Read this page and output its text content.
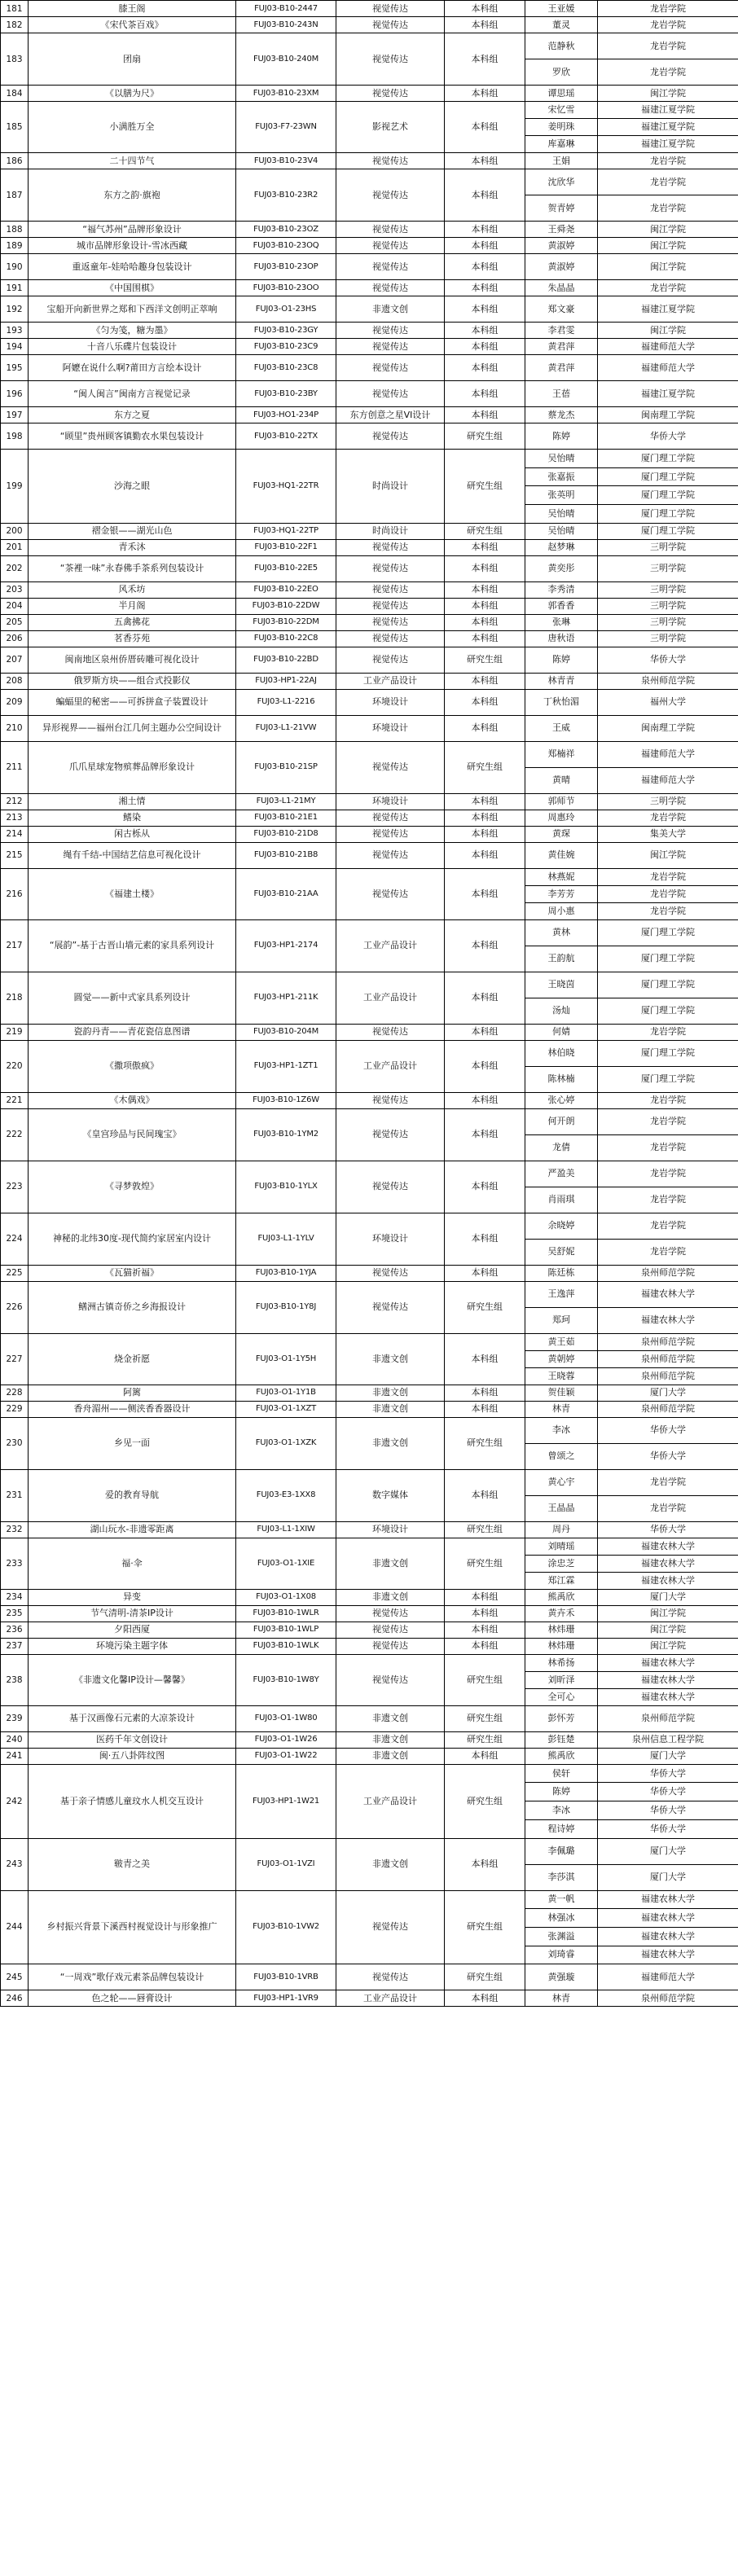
181	膝王阁	FUJ03-B10-2447	视觉传达	本科组	王亚媛	龙岩学院
182	《宋代茶百戏》	FUJ03-B10-243N	视觉传达	本科组	董灵	龙岩学院
183	团扇	FUJ03-B10-240M	视觉传达	本科组	范静秋	龙岩学院
					罗欣	龙岩学院
184	《以膳为尺》	FUJ03-B10-23XM	视觉传达	本科组	谭思瑶	闽江学院
185	小满胜万全	FUJ03-F7-23WN	影视艺术	本科组	宋忆雪	福建江夏学院
					姜明珠	福建江夏学院
					库嘉琳	福建江夏学院
186	二十四节气	FUJ03-B10-23V4	视觉传达	本科组	王娟	龙岩学院
187	东方之韵·旗袍	FUJ03-B10-23R2	视觉传达	本科组	沈欣华	龙岩学院
					贺青婷	龙岩学院
188	“福气苏州”品牌形象设计	FUJ03-B10-23OZ	视觉传达	本科组	王舜尧	闽江学院
189	城市品牌形象设计-雪冰西藏	FUJ03-B10-23OQ	视觉传达	本科组	黄淑婷	闽江学院
190	重返童年-娃哈哈趣身包装设计	FUJ03-B10-23OP	视觉传达	本科组	黄淑婷	闽江学院
191	《中国围棋》	FUJ03-B10-23OO	视觉传达	本科组	朱晶晶	龙岩学院
192	宝船开向新世界之郑和下西洋文创明正萃响	FUJ03-O1-23HS	非遗文创	本科组	郑文豪	福建江夏学院
193	《匀为笺，糖为墨》	FUJ03-B10-23GY	视觉传达	本科组	李君雯	闽江学院
194	十音八乐碟片包装设计	FUJ03-B10-23C9	视觉传达	本科组	黄君萍	福建师范大学
195	阿嬷在说什么啊?莆田方言绘本设计	FUJ03-B10-23C8	视觉传达	本科组	黄君萍	福建师范大学
196	“闽人闽言”闽南方言视觉记录	FUJ03-B10-23BY	视觉传达	本科组	王蓓	福建江夏学院
197	东方之夏	FUJ03-HO1-234P	东方创意之星VI设计	本科组	蔡龙杰	闽南理工学院
198	“顾里”贵州顾客镇勤农水果包装设计	FUJ03-B10-22TX	视觉传达	研究生组	陈婷	华侨大学
199	沙海之眼	FUJ03-HQ1-22TR	时尚设计	研究生组	吴怡晴	厦门理工学院
					张嘉振	厦门理工学院
					张英明	厦门理工学院
					吴怡晴	厦门理工学院
200	褶金银——湖光山色	FUJ03-HQ1-22TP	时尚设计	研究生组	吴怡晴	厦门理工学院
201	青禾沐	FUJ03-B10-22F1	视觉传达	本科组	赵梦琳	三明学院
202	“茶裡一味”永春佛手茶系列包装设计	FUJ03-B10-22E5	视觉传达	本科组	黄奕彤	三明学院
203	风禾坊	FUJ03-B10-22EO	视觉传达	本科组	李秀清	三明学院
204	半月阁	FUJ03-B10-22DW	视觉传达	本科组	郭香香	三明学院
205	五禽拂花	FUJ03-B10-22DM	视觉传达	本科组	张琳	三明学院
206	茗香芬苑	FUJ03-B10-22C8	视觉传达	本科组	唐秋语	三明学院
207	闽南地区泉州侨厝砖雕可视化设计	FUJ03-B10-22BD	视觉传达	研究生组	陈婷	华侨大学
208	俄罗斯方块——组合式投影仪	FUJ03-HP1-22AJ	工业产品设计	本科组	林青青	泉州师范学院
209	蝙蝠里的秘密——可拆拼盒子装置设计	FUJ03-L1-2216	环境设计	本科组	丁秋怡湄	福州大学
210	异形视界——福州台江几何主题办公空间设计	FUJ03-L1-21VW	环境设计	本科组	王威	闽南理工学院
211	爪爪星球宠物殡葬品牌形象设计	FUJ03-B10-21SP	视觉传达	研究生组	郑楠祥	福建师范大学
					黄晴	福建师范大学
212	湘土情	FUJ03-L1-21MY	环境设计	本科组	郭师节	三明学院
213	鳍染	FUJ03-B10-21E1	视觉传达	本科组	周惠玲	龙岩学院
214	闲古栎从	FUJ03-B10-21D8	视觉传达	本科组	黄琛	集美大学
215	绳有千结-中国结艺信息可视化设计	FUJ03-B10-21B8	视觉传达	本科组	黄佳婉	闽江学院
216	《福建土楼》	FUJ03-B10-21AA	视觉传达	本科组	林燕妮	龙岩学院
					李芳芳	龙岩学院
					周小惠	龙岩学院
217	“展韵”-基于古晋山墙元素的家具系列设计	FUJ03-HP1-2174	工业产品设计	本科组	黄林	厦门理工学院
					王韵航	厦门理工学院
218	圆觉——新中式家具系列设计	FUJ03-HP1-211K	工业产品设计	本科组	王晓茵	厦门理工学院
					汤灿	厦门理工学院
219	瓷韵丹青——青花瓷信息图谱	FUJ03-B10-204M	视觉传达	本科组	何婧	龙岩学院
220	《撒项傲疯》	FUJ03-HP1-1ZT1	工业产品设计	本科组	林伯晓	厦门理工学院
					陈林楠	厦门理工学院
221	《木偶戏》	FUJ03-B10-1Z6W	视觉传达	本科组	张心婷	龙岩学院
222	《皇宫珍品与民间瑰宝》	FUJ03-B10-1YM2	视觉传达	本科组	何开朗	龙岩学院
					龙倩	龙岩学院
223	《寻梦敦煌》	FUJ03-B10-1YLX	视觉传达	本科组	严盈美	龙岩学院
					肖雨琪	龙岩学院
224	神秘的北纬30度-现代简约家居室内设计	FUJ03-L1-1YLV	环境设计	本科组	余晓婷	龙岩学院
					吴舒妮	龙岩学院
225	《瓦猫祈福》	FUJ03-B10-1YJA	视觉传达	本科组	陈廷栋	泉州师范学院
226	鳝洲古镇奇侨之乡海报设计	FUJ03-B10-1Y8J	视觉传达	研究生组	王逸萍	福建农林大学
					郑珂	福建农林大学
227	烧金祈愿	FUJ03-O1-1Y5H	非遗文创	本科组	黄王茹	泉州师范学院
					黄朝婷	泉州师范学院
					王晓蓉	泉州师范学院
228	阿篱	FUJ03-O1-1Y1B	非遗文创	本科组	贺佳颖	厦门大学
229	香舟湄州——侧浃香香器设计	FUJ03-O1-1XZT	非遗文创	本科组	林青	泉州师范学院
230	乡见一面	FUJ03-O1-1XZK	非遗文创	研究生组	李冰	华侨大学
					曾颂之	华侨大学
231	爱的教育导航	FUJ03-E3-1XX8	数字媒体	本科组	黄心宇	龙岩学院
					王晶晶	龙岩学院
232	湖山玩水-非遗零距离	FUJ03-L1-1XIW	环境设计	研究生组	周丹	华侨大学
233	福·伞	FUJ03-O1-1XIE	非遗文创	研究生组	刘晴瑶	福建农林大学
					涂忠芝	福建农林大学
					郑江霖	福建农林大学
234	异变	FUJ03-O1-1X08	非遗文创	本科组	熊禹欣	厦门大学
235	节气清明-清茶IP设计	FUJ03-B10-1WLR	视觉传达	本科组	黄卉禾	闽江学院
236	夕阳西厦	FUJ03-B10-1WLP	视觉传达	本科组	林炜珊	闽江学院
237	环境污染主题字体	FUJ03-B10-1WLK	视觉传达	本科组	林炜珊	闽江学院
238	《非遗文化馨IP设计—馨馨》	FUJ03-B10-1W8Y	视觉传达	研究生组	林希扬	福建农林大学
					刘昕泽	福建农林大学
					全可心	福建农林大学
239	基于汉画像石元素的大凉茶设计	FUJ03-O1-1W80	非遗文创	研究生组	彭怀芳	泉州师范学院
240	医药千年文创设计	FUJ03-O1-1W26	非遗文创	研究生组	彭钰楚	泉州信息工程学院
241	闽·五八卦阵纹图	FUJ03-O1-1W22	非遗文创	本科组	熊禹欣	厦门大学
242	基于亲子情感儿童玟水人机交互设计	FUJ03-HP1-1W21	工业产品设计	研究生组	侯轩	华侨大学
					陈婷	华侨大学
					李冰	华侨大学
					程诗婷	华侨大学
243	皲青之美	FUJ03-O1-1VZI	非遗文创	本科组	李佩璐	厦门大学
					李莎淇	厦门大学
244	乡村振兴背景下溪西村视觉设计与形象推广	FUJ03-B10-1VW2	视觉传达	研究生组	黄一帆	福建农林大学
					林强冰	福建农林大学
					张渊溢	福建农林大学
					刘琦睿	福建农林大学
245	“一周戏”歌仔戏元素茶品牌包装设计	FUJ03-B10-1VRB	视觉传达	研究生组	黄强璇	福建师范大学
246	色之轮——唇膏设计	FUJ03-HP1-1VR9	工业产品设计	本科组	林青	泉州师范学院
